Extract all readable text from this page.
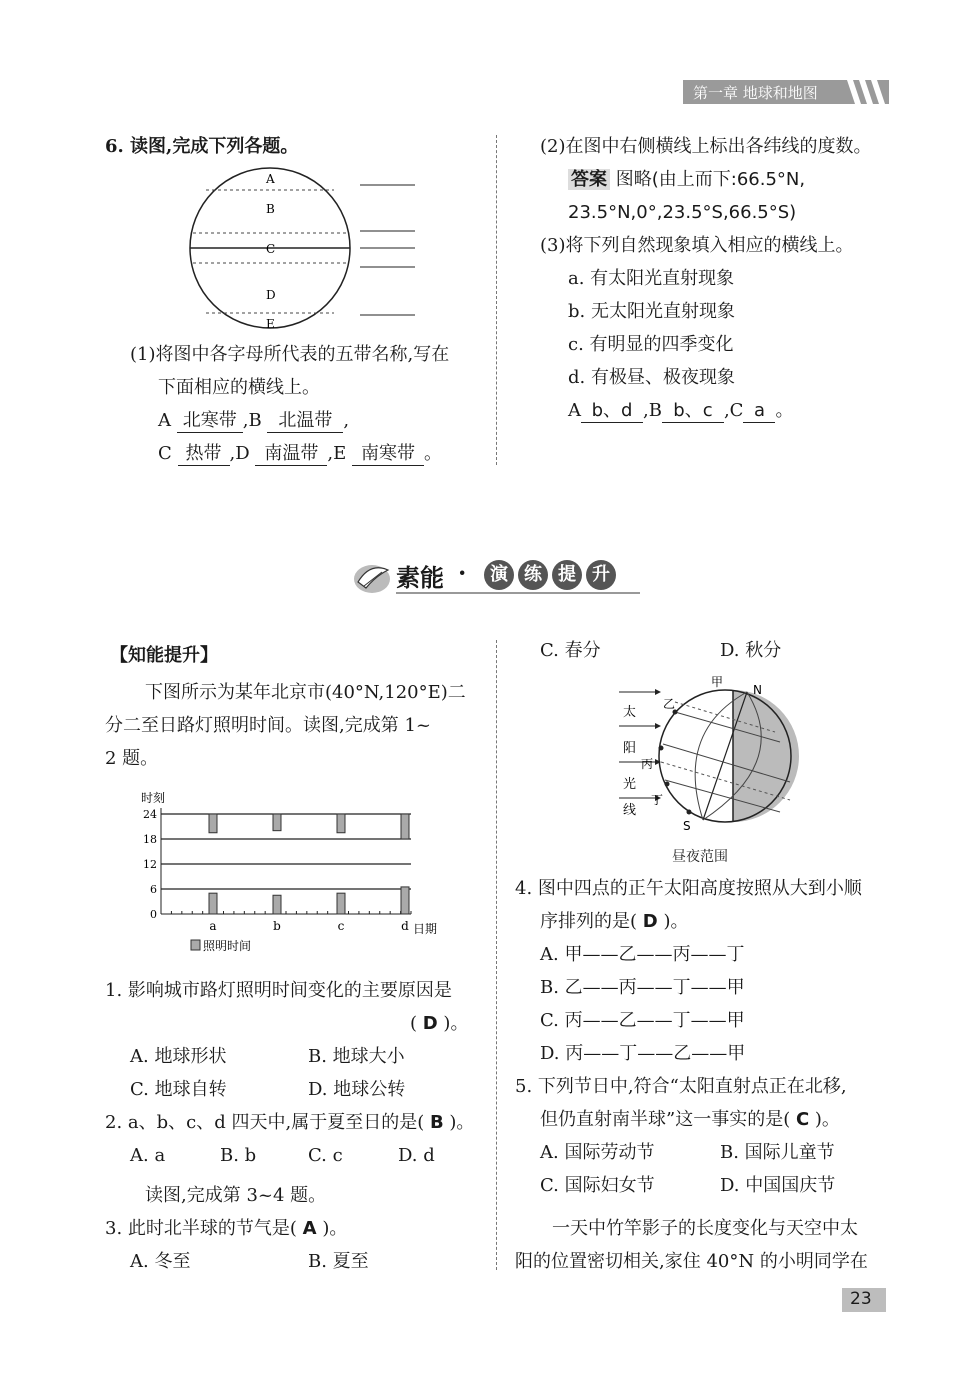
第一章 地球和地图
6. 读图,完成下列各题。
A
B
C
D
E
(1)将图中各字母所代表的五带名称,写在
下面相应的横线上。
A 北寒带 ,B 北温带 ,
C 热带 ,D 南温带 ,E 南寒带 。
(2)在图中右侧横线上标出各纬线的度数。
答案 图略(由上而下:66.5°N,
23.5°N,0°,23.5°S,66.5°S)
(3)将下列自然现象填入相应的横线上。
a. 有太阳光直射现象
b. 无太阳光直射现象
c. 有明显的四季变化
d. 有极昼、极夜现象
A b、d ,B b、c ,C a 。
素能 ·	演 练 提 升
【知能提升】
下图所示为某年北京市(40°N,120°E)二
分二至日路灯照明时间。读图,完成第 1~
2 题。
时刻
0
6
12
18
24
a	b	c	d 日期
照明时间
1. 影响城市路灯照明时间变化的主要原因是
( D )。
A. 地球形状	B. 地球大小
C. 地球自转	D. 地球公转
2. a、b、c、d 四天中,属于夏至日的是( B )。
A. a	B. b	C. c	D. d
读图,完成第 3~4 题。
3. 此时北半球的节气是( A )。
A. 冬至	B. 夏至
C. 春分	D. 秋分
太
阳
光
线
甲
N
S
乙
丙
丁
昼夜范围
4. 图中四点的正午太阳高度按照从大到小顺
序排列的是( D )。
A. 甲——乙——丙——丁
B. 乙——丙——丁——甲
C. 丙——乙——丁——甲
D. 丙——丁——乙——甲
5. 下列节日中,符合“太阳直射点正在北移,
但仍直射南半球”这一事实的是( C )。
A. 国际劳动节	B. 国际儿童节
C. 国际妇女节	D. 中国国庆节
一天中竹竿影子的长度变化与天空中太
阳的位置密切相关,家住 40°N 的小明同学在
23
